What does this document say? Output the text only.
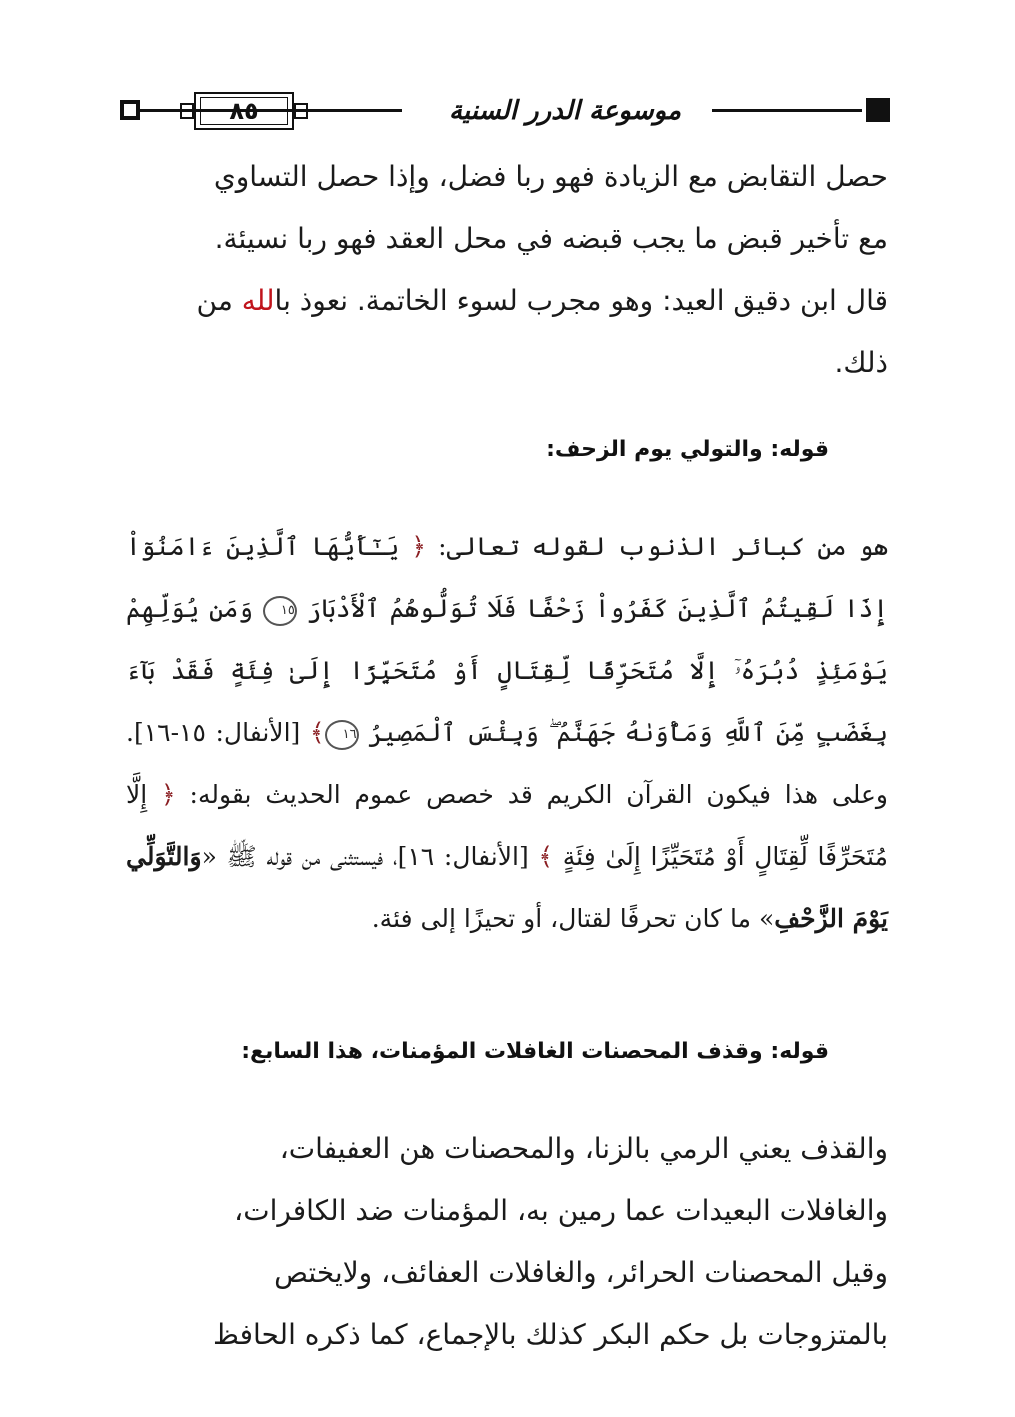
٨٥	موسوعة الدرر السنية

حصل التقابض مع الزيادة فهو ربا فضل، وإذا حصل التساوي
مع تأخير قبض ما يجب قبضه في محل العقد فهو ربا نسيئة.
قال ابن دقيق العيد: وهو مجرب لسوء الخاتمة. نعوذ بالله من
ذلك.

قوله: والتولي يوم الزحف:

هو من كبائر الذنوب لقوله تعالى: ﴿ يَـٰٓأَيُّهَا ٱلَّذِينَ ءَامَنُوٓاْ إِذَا لَقِيتُمُ ٱلَّذِينَ كَفَرُواْ زَحْفًا فَلَا تُوَلُّوهُمُ ٱلْأَدْبَارَ ١٥ وَمَن يُوَلِّهِمْ يَوْمَئِذٍ دُبُرَهُۥٓ إِلَّا مُتَحَرِّفًا لِّقِتَالٍ أَوْ مُتَحَيِّزًا إِلَىٰ فِئَةٍ فَقَدْ بَآءَ بِغَضَبٍ مِّنَ ٱللَّهِ وَمَأْوَىٰهُ جَهَنَّمُ ۖ وَبِئْسَ ٱلْمَصِيرُ ١٦﴾ [الأنفال: ١٥-١٦]. وعلى هذا فيكون القرآن الكريم قد خصص عموم الحديث بقوله: ﴿ إِلَّا مُتَحَرِّفًا لِّقِتَالٍ أَوْ مُتَحَيِّزًا إِلَىٰ فِئَةٍ ﴾ [الأنفال: ١٦]، فيستثنى من قوله ﷺ «وَالتَّوَلِّي يَوْمَ الزَّحْفِ» ما كان تحرفًا لقتال، أو تحيزًا إلى فئة.

قوله: وقذف المحصنات الغافلات المؤمنات، هذا السابع:

والقذف يعني الرمي بالزنا، والمحصنات هن العفيفات،
والغافلات البعيدات عما رمين به، المؤمنات ضد الكافرات،
وقيل المحصنات الحرائر، والغافلات العفائف، ولايختص
بالمتزوجات بل حكم البكر كذلك بالإجماع، كما ذكره الحافظ
